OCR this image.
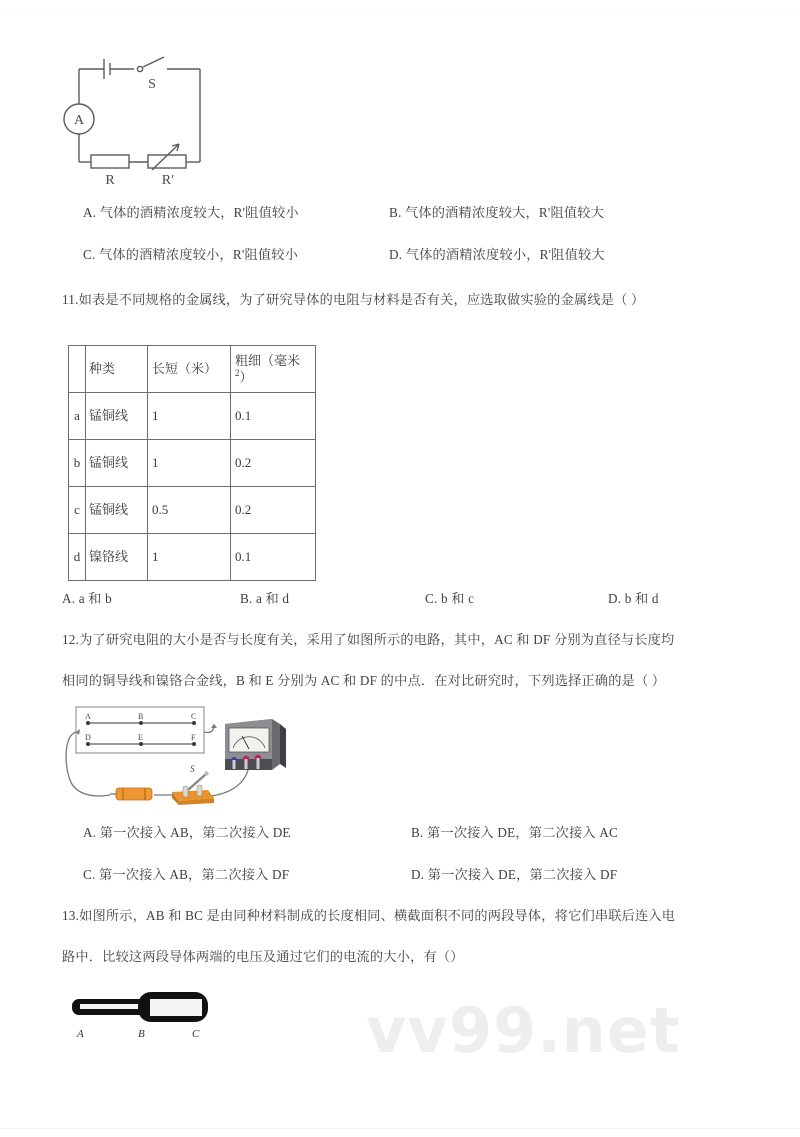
A
S
R	R′
A. 气体的酒精浓度较大，R'阻值较小	B. 气体的酒精浓度较大，R'阻值较大
C. 气体的酒精浓度较小，R'阻值较小	D. 气体的酒精浓度较小，R'阻值较大
11.如表是不同规格的金属线，为了研究导体的电阻与材料是否有关，应选取做实验的金属线是（ ）
	种类	长短（米）	粗细（毫米$^2$）
a	锰铜线	1	0.1
b	锰铜线	1	0.2
c	锰铜线	0.5	0.2
d	镍铬线	1	0.1
A. a 和 b	B. a 和 d	C. b 和 c	D. b 和 d
12.为了研究电阻的大小是否与长度有关，采用了如图所示的电路，其中，AC 和 DF 分别为直径与长度均
相同的铜导线和镍铬合金线，B 和 E 分别为 AC 和 DF 的中点．在对比研究时，下列选择正确的是（ ）
A	B	C
D	E	F
S
A. 第一次接入 AB，第二次接入 DE	B. 第一次接入 DE，第二次接入 AC
C. 第一次接入 AB，第二次接入 DF	D. 第一次接入 DE，第二次接入 DF
13.如图所示，AB 和 BC 是由同种材料制成的长度相同、横截面积不同的两段导体，将它们串联后连入电
路中．比较这两段导体两端的电压及通过它们的电流的大小，有（）
A	B	C	vv99.net
